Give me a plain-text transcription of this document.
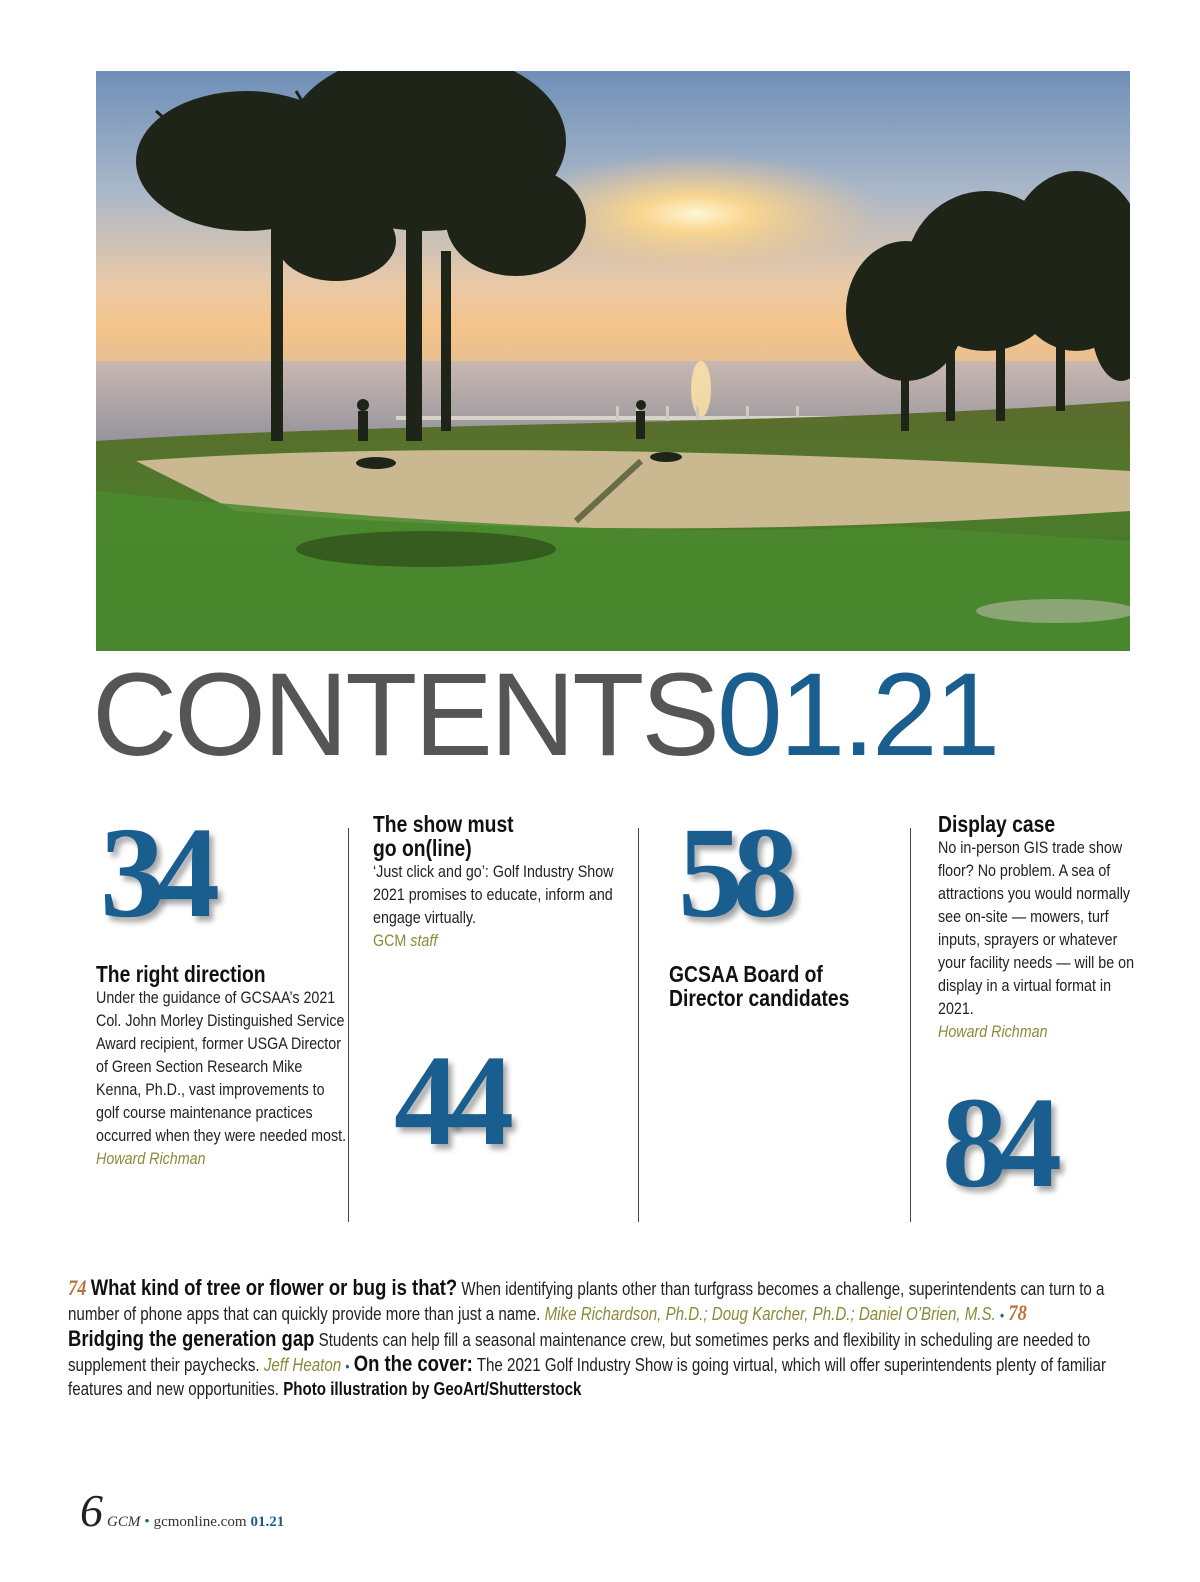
CONTENTS01.21
34
The right direction

Under the guidance of GCSAA’s 2021 Col. John Morley Distinguished Service Award recipient, former USGA Director of Green Section Research Mike Kenna, Ph.D., vast improvements to golf course maintenance practices occurred when they were needed most.

Howard Richman
The show must go on(line)

‘Just click and go’: Golf Industry Show 2021 promises to educate, inform and engage virtually.

GCM staff
44
58
GCSAA Board of Director candidates
Display case

No in-person GIS trade show floor? No problem. A sea of attractions you would normally see on-site — mowers, turf inputs, sprayers or whatever your facility needs — will be on display in a virtual format in 2021.

Howard Richman
84

74 What kind of tree or flower or bug is that? When identifying plants other than turfgrass becomes a challenge, superintendents can turn to a number of phone apps that can quickly provide more than just a name. Mike Richardson, Ph.D.; Doug Karcher, Ph.D.; Daniel O’Brien, M.S. • 78
Bridging the generation gap Students can help fill a seasonal maintenance crew, but sometimes perks and flexibility in scheduling are needed to supplement their paychecks. Jeff Heaton • On the cover: The 2021 Golf Industry Show is going virtual, which will offer superintendents plenty of familiar features and new opportunities. Photo illustration by GeoArt/Shutterstock

6 GCM • gcmonline.com 01.21
